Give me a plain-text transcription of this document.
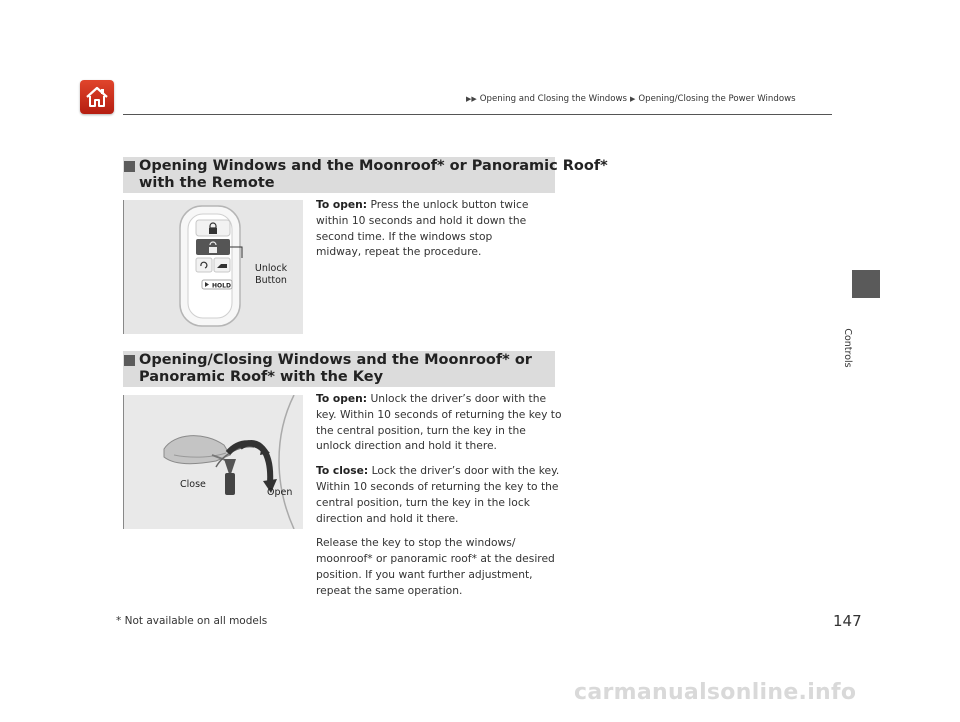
▶▶ Opening and Closing the Windows ▶ Opening/Closing the Power Windows
Controls
Opening Windows and the Moonroof* or Panoramic Roof*
with the Remote
HOLD
Unlock
Button

To open: Press the unlock button twice within 10 seconds and hold it down the second time. If the windows stop midway, repeat the procedure.

Opening/Closing Windows and the Moonroof* or
Panoramic Roof* with the Key
Close
Open

To open: Unlock the driver’s door with the key. Within 10 seconds of returning the key to the central position, turn the key in the unlock direction and hold it there.

To close: Lock the driver’s door with the key. Within 10 seconds of returning the key to the central position, turn the key in the lock direction and hold it there.

Release the key to stop the windows/ moonroof* or panoramic roof* at the desired position. If you want further adjustment, repeat the same operation.

* Not available on all models	147
carmanualsonline.info
